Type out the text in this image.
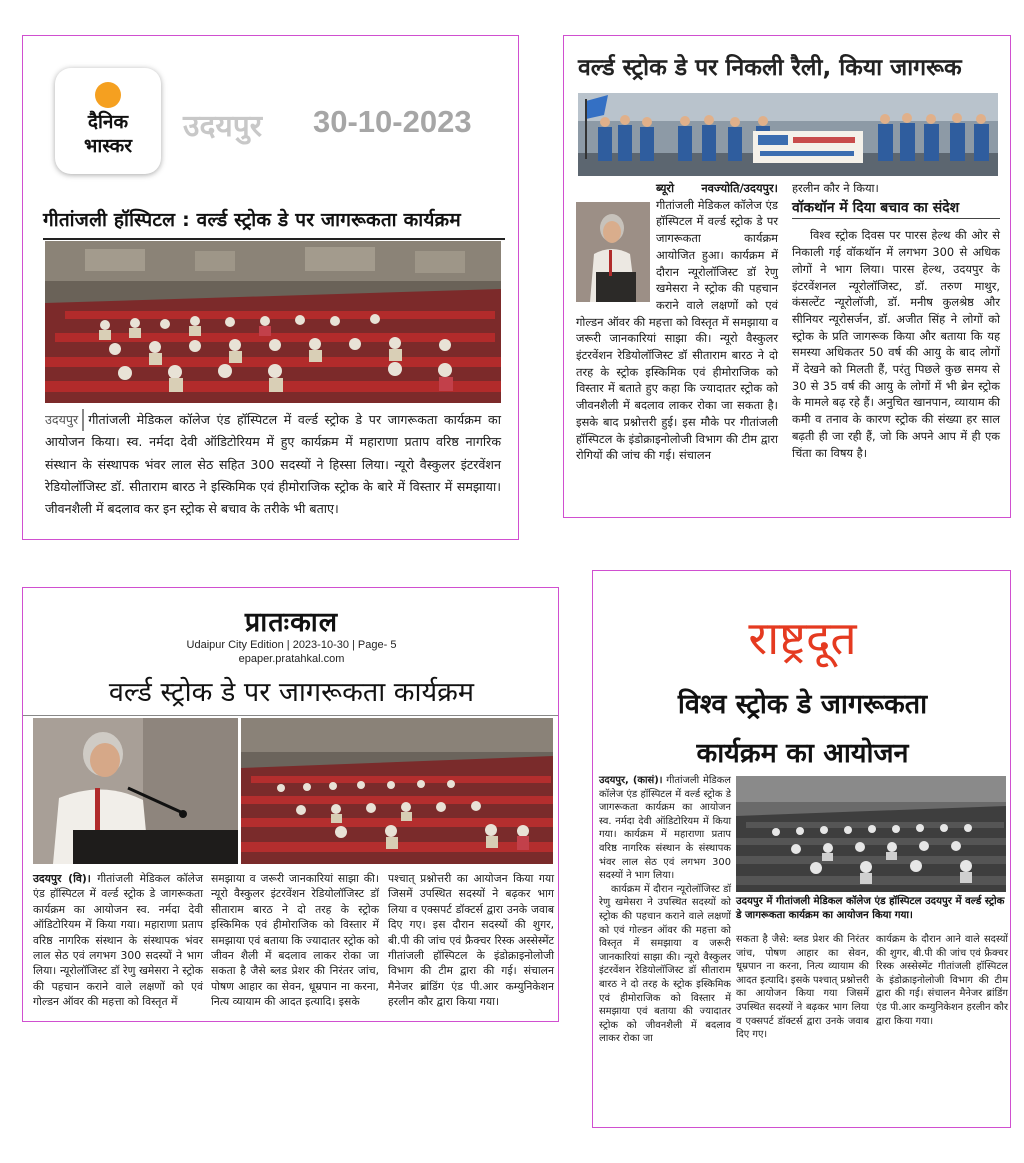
दैनिक
भास्कर
उदयपुर 30-10-2023
गीतांजली हॉस्पिटल : वर्ल्ड स्ट्रोक डे पर जागरूकता कार्यक्रम
उदयपुर गीतांजली मेडिकल कॉलेज एंड हॉस्पिटल में वर्ल्ड स्ट्रोक डे पर जागरूकता कार्यक्रम का आयोजन किया। स्व. नर्मदा देवी ऑडिटोरियम में हुए कार्यक्रम में महाराणा प्रताप वरिष्ठ नागरिक संस्थान के संस्थापक भंवर लाल सेठ सहित 300 सदस्यों ने हिस्सा लिया। न्यूरो वैस्कुलर इंटरवेंशन रेडियोलॉजिस्ट डॉ. सीताराम बारठ ने इस्किमिक एवं हीमोराजिक स्ट्रोक के बारे में विस्तार में समझाया। जीवनशैली में बदलाव कर इन स्ट्रोक से बचाव के तरीके भी बताए।
वर्ल्ड स्ट्रोक डे पर निकली रैली, किया जागरूक
ब्यूरो नवज्योति/उदयपुर।
गीतांजली मेडिकल कॉलेज एंड हॉस्पिटल में वर्ल्ड स्ट्रोक डे पर जागरूकता कार्यक्रम आयोजित हुआ। कार्यक्रम में दौरान न्यूरोलॉजिस्ट डॉ रेणु खमेसरा ने स्ट्रोक की पहचान कराने वाले लक्षणों को एवं गोल्डन ऑवर की महत्ता को विस्तृत में समझाया व जरूरी जानकारियां साझा की। न्यूरो वैस्कुलर इंटरवेंशन रेडियोलॉजिस्ट डॉ सीताराम बारठ ने दो तरह के स्ट्रोक इस्किमिक एवं हीमोराजिक को विस्तार में बताते हुए कहा कि ज्यादातर स्ट्रोक को जीवनशैली में बदलाव लाकर रोका जा सकता है। इसके बाद प्रश्नोत्तरी हुई। इस मौके पर गीतांजली हॉस्पिटल के इंडोक्राइनोलोजी विभाग की टीम द्वारा रोगियों की जांच की गई। संचालन
हरलीन कौर ने किया।
वॉकथॉन में दिया बचाव का संदेश
विश्व स्ट्रोक दिवस पर पारस हेल्थ की ओर से निकाली गई वॉकथॉन में लगभग 300 से अधिक लोगों ने भाग लिया। पारस हेल्थ, उदयपुर के इंटरवेंशनल न्यूरोलॉजिस्ट, डॉ. तरुण माथुर, कंसल्टेंट न्यूरोलॉजी, डॉ. मनीष कुलश्रेष्ठ और सीनियर न्यूरोसर्जन, डॉ. अजीत सिंह ने लोगों को स्ट्रोक के प्रति जागरूक किया और बताया कि यह समस्या अधिकतर 50 वर्ष की आयु के बाद लोगों में देखने को मिलती हैं, परंतु पिछले कुछ समय से 30 से 35 वर्ष की आयु के लोगों में भी ब्रेन स्ट्रोक के मामले बढ़ रहे हैं। अनुचित खानपान, व्यायाम की कमी व तनाव के कारण स्ट्रोक की संख्या हर साल बढ़ती ही जा रही हैं, जो कि अपने आप में ही एक चिंता का विषय है।
प्रातःकाल
Udaipur City Edition | 2023-10-30 | Page- 5
epaper.pratahkal.com
वर्ल्ड स्ट्रोक डे पर जागरूकता कार्यक्रम
उदयपुर (वि)। गीतांजली मेडिकल कॉलेज एंड हॉस्पिटल में वर्ल्ड स्ट्रोक डे जागरूकता कार्यक्रम का आयोजन स्व. नर्मदा देवी ऑडिटोरियम में किया गया। महाराणा प्रताप वरिष्ठ नागरिक संस्थान के संस्थापक भंवर लाल सेठ एवं लगभग 300 सदस्यों ने भाग लिया। न्यूरोलॉजिस्ट डॉ रेणु खमेसरा ने स्ट्रोक की पहचान कराने वाले लक्षणों को एवं गोल्डन ऑवर की महत्ता को विस्तृत में
समझाया व जरूरी जानकारियां साझा की। न्यूरो वैस्कुलर इंटरवेंशन रेडियोलॉजिस्ट डॉ सीताराम बारठ ने दो तरह के स्ट्रोक इस्किमिक एवं हीमोराजिक को विस्तार में समझाया एवं बताया कि ज्यादातर स्ट्रोक को जीवन शैली में बदलाव लाकर रोका जा सकता है जैसे ब्लड प्रेशर की निरंतर जांच, पोषण आहार का सेवन, धूम्रपान ना करना, नित्य व्यायाम की आदत इत्यादि। इसके
पश्चात् प्रश्नोत्तरी का आयोजन किया गया जिसमें उपस्थित सदस्यों ने बढ़कर भाग लिया व एक्सपर्ट डॉक्टर्स द्वारा उनके जवाब दिए गए। इस दौरान सदस्यों की शुगर, बी.पी की जांच एवं फ्रैक्चर रिस्क अस्सेस्मेंट गीतांजली हॉस्पिटल के इंडोक्राइनोलोजी विभाग की टीम द्वारा की गई। संचालन मैनेजर ब्रांडिंग एंड पी.आर कम्युनिकेशन हरलीन कौर द्वारा किया गया।
राष्ट्रदूत
विश्व स्ट्रोक डे जागरूकता
कार्यक्रम का आयोजन
उदयपुर, (कासं)। गीतांजली मेडिकल कॉलेज एंड हॉस्पिटल में वर्ल्ड स्ट्रोक डे जागरूकता कार्यक्रम का आयोजन स्व. नर्मदा देवी ऑडिटोरियम में किया गया। कार्यक्रम में महाराणा प्रताप वरिष्ठ नागरिक संस्थान के संस्थापक भंवर लाल सेठ एवं लगभग 300 सदस्यों ने भाग लिया।
कार्यक्रम में दौरान न्यूरोलॉजिस्ट डॉ रेणु खमेसरा ने उपस्थित सदस्यों को स्ट्रोक की पहचान कराने वाले लक्षणों को एवं गोल्डन ऑवर की महत्ता को विस्तृत में समझाया व जरूरी जानकारियां साझा की। न्यूरो वैस्कुलर इंटरवेंशन रेडियोलॉजिस्ट डॉ सीताराम बारठ ने दो तरह के स्ट्रोक इस्किमिक एवं हीमोराजिक को विस्तार में समझाया एवं बताया की ज्यादातर स्ट्रोक को जीवनशैली में बदलाव लाकर रोका जा
उदयपुर में गीतांजली मेडिकल कॉलेज एंड हॉस्पिटल उदयपुर में वर्ल्ड स्ट्रोक डे जागरूकता कार्यक्रम का आयोजन किया गया।
सकता है जैसे: ब्लड प्रेशर की निरंतर जांच, पोषण आहार का सेवन, धूम्रपान ना करना, नित्य व्यायाम की आदत इत्यादि। इसके पश्चात् प्रश्नोत्तरी का आयोजन किया गया जिसमें उपस्थित सदस्यों ने बढ़कर भाग लिया व एक्सपर्ट डॉक्टर्स द्वारा उनके जवाब दिए गए।
कार्यक्रम के दौरान आने वाले सदस्यों की शुगर, बी.पी की जांच एवं फ्रैक्चर रिस्क अस्सेस्मेंट गीतांजली हॉस्पिटल के इंडोक्राइनोलोजी विभाग की टीम द्वारा की गई। संचालन मैनेजर ब्रांडिंग एंड पी.आर कम्युनिकेशन हरलीन कौर द्वारा किया गया।
